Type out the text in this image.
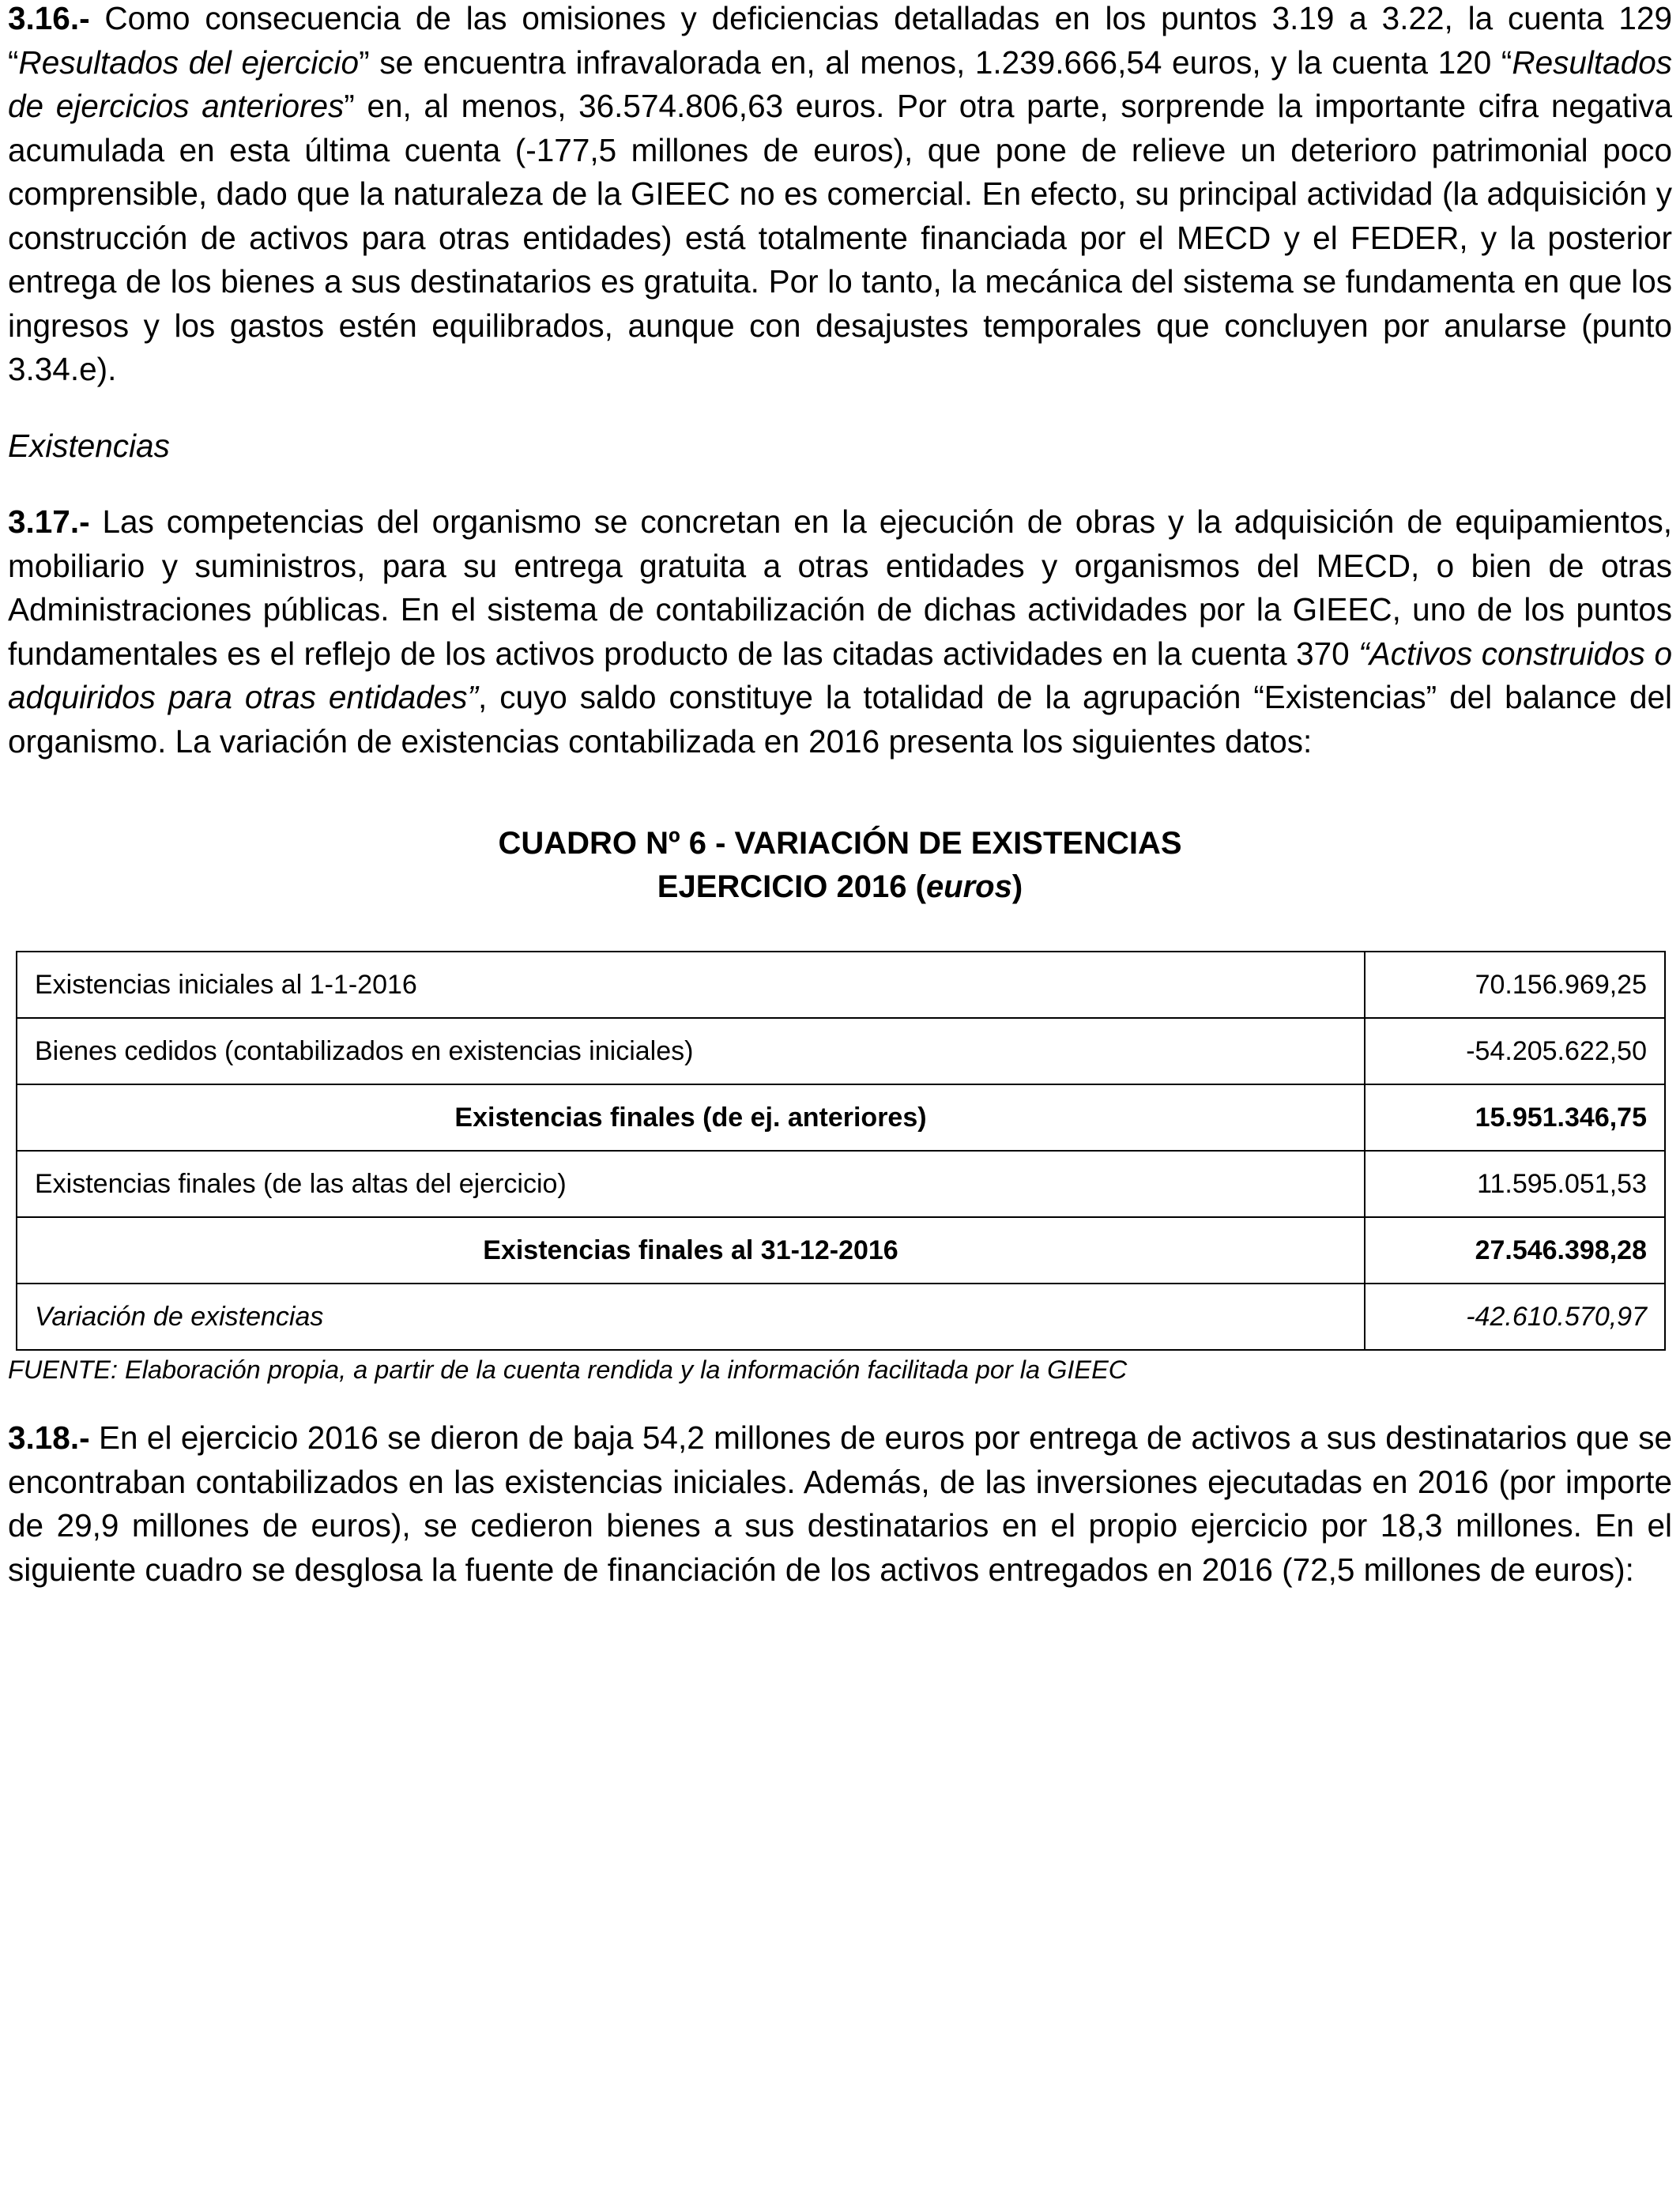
3.16.- Como consecuencia de las omisiones y deficiencias detalladas en los puntos 3.19 a 3.22, la cuenta 129 “Resultados del ejercicio” se encuentra infravalorada en, al menos, 1.239.666,54 euros, y la cuenta 120 “Resultados de ejercicios anteriores” en, al menos, 36.574.806,63 euros. Por otra parte, sorprende la importante cifra negativa acumulada en esta última cuenta (-177,5 millones de euros), que pone de relieve un deterioro patrimonial poco comprensible, dado que la naturaleza de la GIEEC no es comercial. En efecto, su principal actividad (la adquisición y construcción de activos para otras entidades) está totalmente financiada por el MECD y el FEDER, y la posterior entrega de los bienes a sus destinatarios es gratuita. Por lo tanto, la mecánica del sistema se fundamenta en que los ingresos y los gastos estén equilibrados, aunque con desajustes temporales que concluyen por anularse (punto 3.34.e).

Existencias

3.17.- Las competencias del organismo se concretan en la ejecución de obras y la adquisición de equipamientos, mobiliario y suministros, para su entrega gratuita a otras entidades y organismos del MECD, o bien de otras Administraciones públicas. En el sistema de contabilización de dichas actividades por la GIEEC, uno de los puntos fundamentales es el reflejo de los activos producto de las citadas actividades en la cuenta 370 “Activos construidos o adquiridos para otras entidades”, cuyo saldo constituye la totalidad de la agrupación “Existencias” del balance del organismo. La variación de existencias contabilizada en 2016 presenta los siguientes datos:

CUADRO Nº 6 - VARIACIÓN DE EXISTENCIAS
EJERCICIO 2016 (euros)

Existencias iniciales al 1-1-2016	70.156.969,25
Bienes cedidos (contabilizados en existencias iniciales)	-54.205.622,50
Existencias finales (de ej. anteriores)	15.951.346,75
Existencias finales (de las altas del ejercicio)	11.595.051,53
Existencias finales al 31-12-2016	27.546.398,28
Variación de existencias	-42.610.570,97

FUENTE: Elaboración propia, a partir de la cuenta rendida y la información facilitada por la GIEEC

3.18.- En el ejercicio 2016 se dieron de baja 54,2 millones de euros por entrega de activos a sus destinatarios que se encontraban contabilizados en las existencias iniciales. Además, de las inversiones ejecutadas en 2016 (por importe de 29,9 millones de euros), se cedieron bienes a sus destinatarios en el propio ejercicio por 18,3 millones. En el siguiente cuadro se desglosa la fuente de financiación de los activos entregados en 2016 (72,5 millones de euros):
